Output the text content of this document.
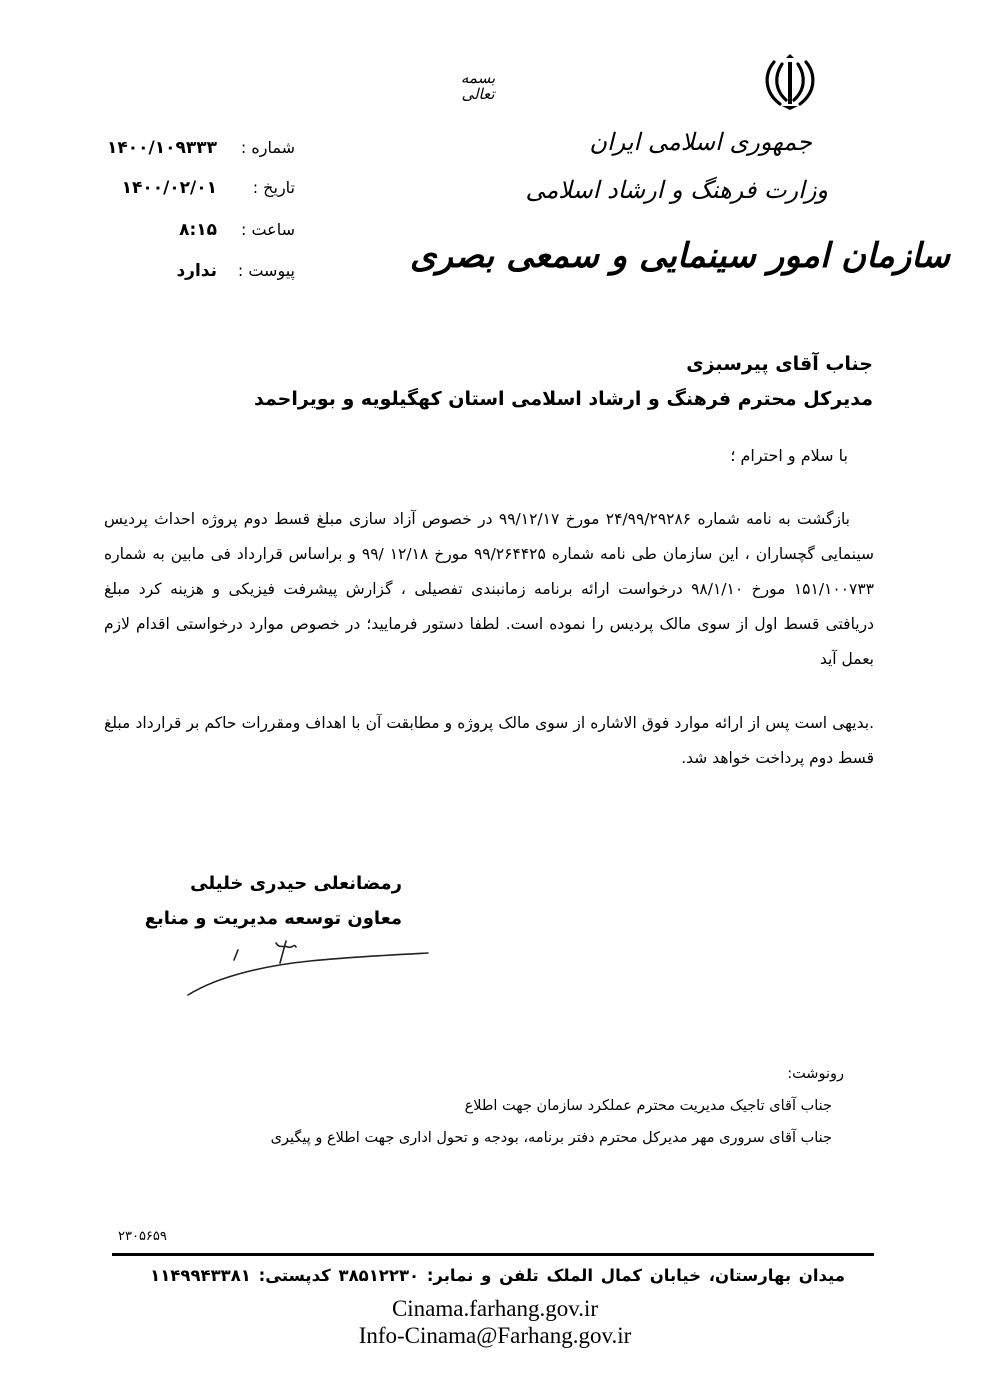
جمهوری اسلامی ایران
وزارت فرهنگ و ارشاد اسلامی
سازمان امور سینمایی و سمعی بصری
بسمه تعالی
شماره :
۱۴۰۰/۱۰۹۳۳۳
تاریخ :
۱۴۰۰/۰۲/۰۱
ساعت :
۸:۱۵
پیوست :
ندارد
جناب آقای پیرسبزی
مدیرکل محترم فرهنگ و ارشاد اسلامی استان کهگیلویه و بویراحمد
با سلام و احترام ؛

بازگشت به نامه شماره ۲۴/۹۹/۲۹۲۸۶ مورخ ۹۹/۱۲/۱۷ در خصوص آزاد سازی مبلغ قسط دوم پروژه احداث پردیس سینمایی گچساران ، این سازمان طی نامه شماره ۹۹/۲۶۴۴۲۵ مورخ ۱۲/۱۸ /۹۹ و براساس قرارداد فی مابین به شماره ۱۵۱/۱۰۰۷۳۳ مورخ ۹۸/۱/۱۰ درخواست ارائه برنامه زمانبندی تفصیلی ، گزارش پیشرفت فیزیکی و هزینه کرد مبلغ دریافتی قسط اول از سوی مالک پردیس را نموده است. لطفا دستور فرمایید؛ در خصوص موارد درخواستی اقدام لازم بعمل آید

.بدیهی است پس از ارائه موارد فوق الاشاره از سوی مالک پروژه و مطابقت آن با اهداف ومقررات حاکم بر قرارداد مبلغ قسط دوم پرداخت خواهد شد.

رمضانعلی حیدری خلیلی
معاون توسعه مدیریت و منابع
رونوشت:
جناب آقای تاجیک مدیریت محترم عملکرد سازمان جهت اطلاع
جناب آقای سروری مهر مدیرکل محترم دفتر برنامه، بودجه و تحول اداری جهت اطلاع و پیگیری
۲۳۰۵۶۵۹
میدان بهارستان، خیابان کمال الملک تلفن و نمابر: ۳۸۵۱۲۲۳۰ کدپستی: ۱۱۴۹۹۴۳۳۸۱
Cinama.farhang.gov.ir
Info-Cinama@Farhang.gov.ir
